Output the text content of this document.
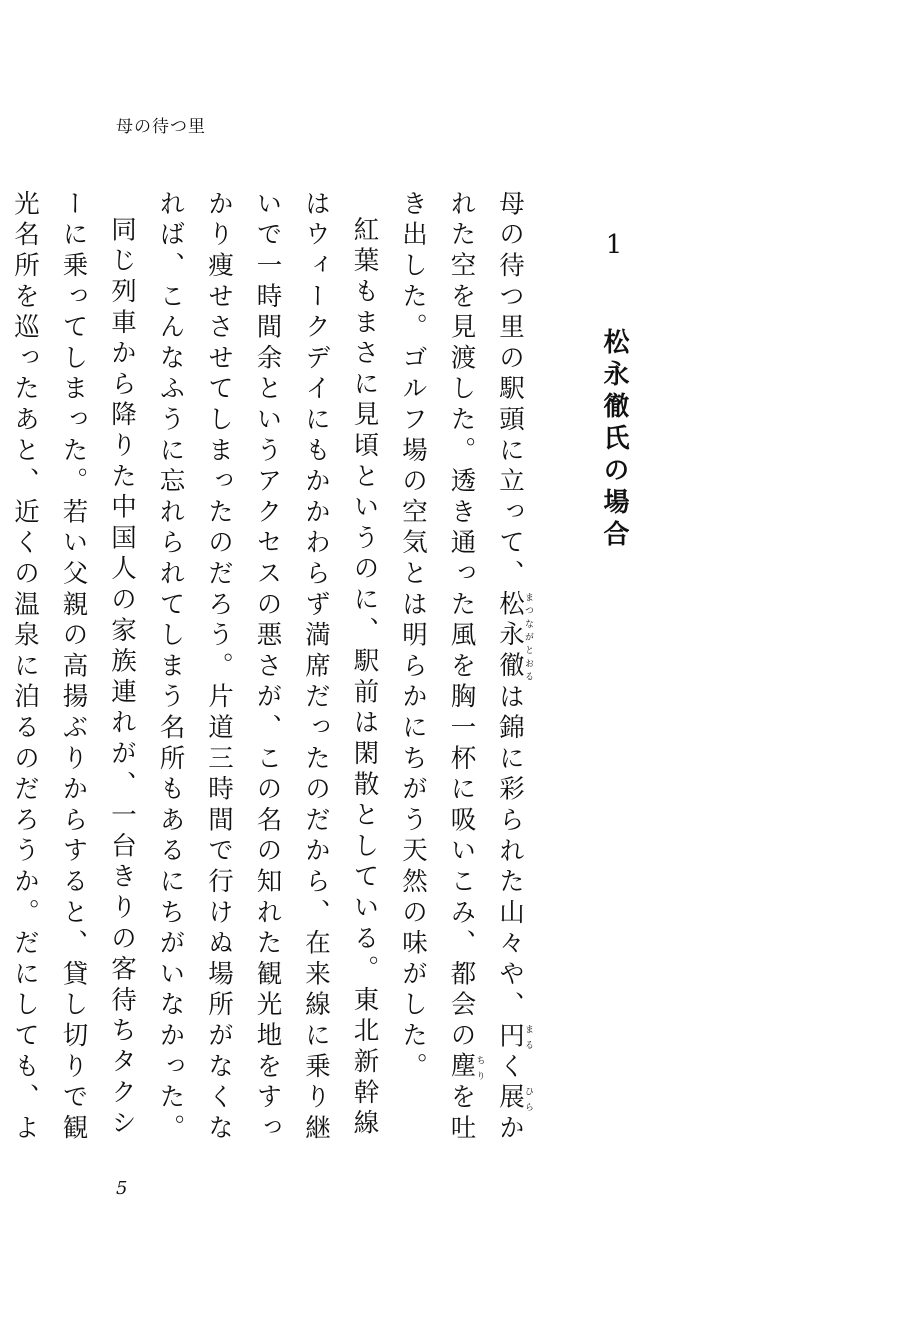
母の待つ里
1 松永徹氏の場合

母の待つ里の駅頭に立って、松永徹まつながとおるは錦に彩られた山々や、円まるく展ひらかれた空を見渡した。透き通った風を胸一杯に吸いこみ、都会の塵ちりを吐き出した。ゴルフ場の空気とは明らかにちがう天然の味がした。

紅葉もまさに見頃というのに、駅前は閑散としている。東北新幹線はウィークデイにもかかわらず満席だったのだから、在来線に乗り継いで一時間余というアクセスの悪さが、この名の知れた観光地をすっかり痩せさせてしまったのだろう。片道三時間で行けぬ場所がなくなれば、こんなふうに忘れられてしまう名所もあるにちがいなかった。

同じ列車から降りた中国人の家族連れが、一台きりの客待ちタクシーに乗ってしまった。若い父親の高揚ぶりからすると、貸し切りで観光名所を巡ったあと、近くの温泉に泊るのだろうか。だにしても、よ

5
